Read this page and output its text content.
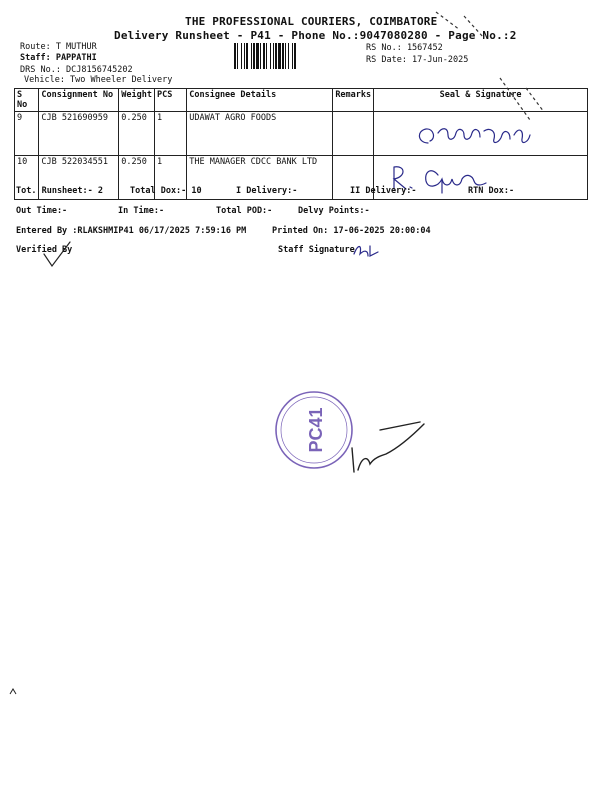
THE PROFESSIONAL COURIERS, COIMBATORE
Delivery Runsheet - P41 - Phone No.:9047080280 - Page No.:2
Route: T MUTHUR
Staff: PAPPATHI
DRS No.: DCJ8156745202
Vehicle: Two Wheeler Delivery
RS No.: 1567452
RS Date: 17-Jun-2025
S No	Consignment No	Weight	PCS	Consignee Details	Remarks	Seal & Signature
9	CJB 521690959	0.250	1	UDAWAT AGRO FOODS		
10	CJB 522034551	0.250	1	THE MANAGER CDCC BANK LTD		
Tot. Runsheet:- 2	Total Dox:- 10	I Delivery:-	II Delivery:-	RTN Dox:-
Out Time:-	In Time:-	Total POD:-	Delvy Points:-
Entered By :RLAKSHMIP41 06/17/2025 7:59:16 PM	Printed On: 17-06-2025 20:00:04
Verified By	Staff Signature
PC41
